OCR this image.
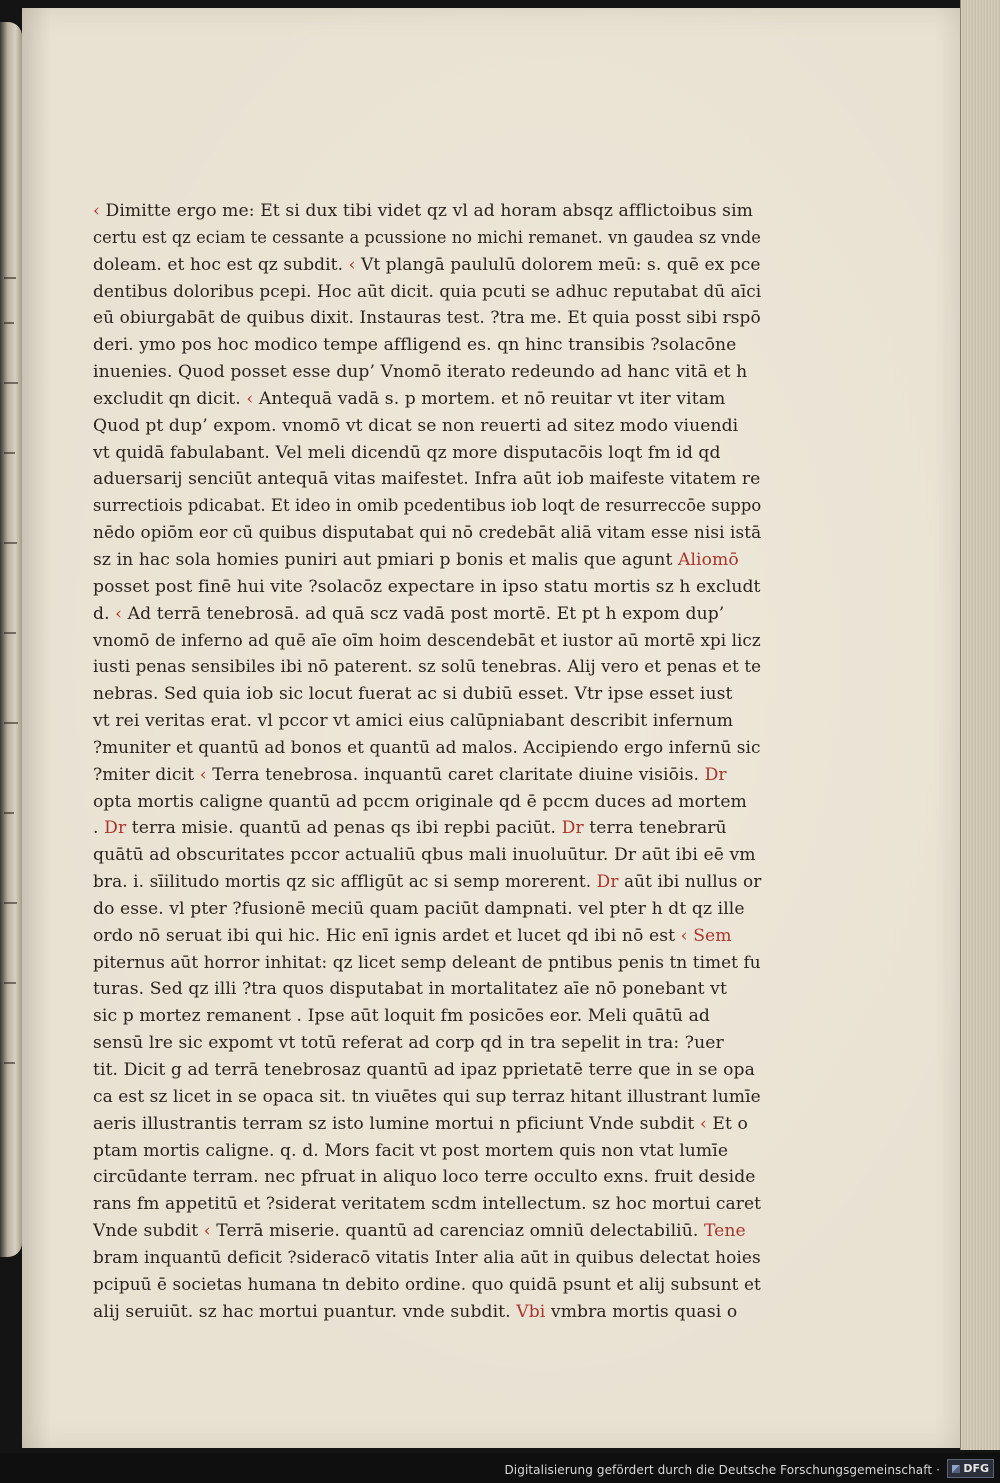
‹ Dimitte ergo me: Et si dux tibi videt qz vl ad horam absqz afflictoibus sim
certu est qz eciam te cessante a pcussione no michi remanet. vn gaudea sz vnde
doleam. et hoc est qz subdit. ‹ Vt plangā paululū dolorem meū: s. quē ex pce
dentibus doloribus pcepi. Hoc aūt dicit. quia pcuti se adhuc reputabat dū aīci
eū obiurgabāt de quibus dixit. Instauras test. ?tra me. Et quia posst sibi rspō
deri. ymo pos hoc modico tempe affligend es. qn hinc transibis ?solacōne
inuenies. Quod posset esse dup’ Vnomō iterato redeundo ad hanc vitā et h
excludit qn dicit. ‹ Antequā vadā s. p mortem. et nō reuitar vt iter vitam
Quod pt dup’ expom. vnomō vt dicat se non reuerti ad sitez modo viuendi
vt quidā fabulabant. Vel meli dicendū qz more disputacōis loqt fm id qd
aduersarij senciūt antequā vitas maifestet. Infra aūt iob maifeste vitatem re
surrectiois pdicabat. Et ideo in omib pcedentibus iob loqt de resurreccōe suppo
nēdo opiōm eor cū quibus disputabat qui nō credebāt aliā vitam esse nisi istā
sz in hac sola homies puniri aut pmiari p bonis et malis que agunt Aliomō
posset post finē hui vite ?solacōz expectare in ipso statu mortis sz h excludt
d. ‹ Ad terrā tenebrosā. ad quā scz vadā post mortē. Et pt h expom dup’
vnomō de inferno ad quē aīe oīm hoim descendebāt et iustor aū mortē xpi licz
iusti penas sensibiles ibi nō paterent. sz solū tenebras. Alij vero et penas et te
nebras. Sed quia iob sic locut fuerat ac si dubiū esset. Vtr ipse esset iust
vt rei veritas erat. vl pccor vt amici eius calūpniabant describit infernum
?muniter et quantū ad bonos et quantū ad malos. Accipiendo ergo infernū sic
?miter dicit ‹ Terra tenebrosa. inquantū caret claritate diuine visiōis. Dr
opta mortis caligne quantū ad pccm originale qd ē pccm duces ad mortem
. Dr terra misie. quantū ad penas qs ibi repbi paciūt. Dr terra tenebrarū
quātū ad obscuritates pccor actualiū qbus mali inuoluūtur. Dr aūt ibi eē vm
bra. i. sīilitudo mortis qz sic affligūt ac si semp morerent. Dr aūt ibi nullus or
do esse. vl pter ?fusionē meciū quam paciūt dampnati. vel pter h dt qz ille
ordo nō seruat ibi qui hic. Hic enī ignis ardet et lucet qd ibi nō est ‹ Sem
piternus aūt horror inhitat: qz licet semp deleant de pntibus penis tn timet fu
turas. Sed qz illi ?tra quos disputabat in mortalitatez aīe nō ponebant vt
sic p mortez remanent . Ipse aūt loquit fm posicōes eor. Meli quātū ad
sensū lre sic expomt vt totū referat ad corp qd in tra sepelit in tra: ?uer
tit. Dicit g ad terrā tenebrosaz quantū ad ipaz pprietatē terre que in se opa
ca est sz licet in se opaca sit. tn viuētes qui sup terraz hitant illustrant lumīe
aeris illustrantis terram sz isto lumine mortui n pficiunt Vnde subdit ‹ Et o
ptam mortis caligne. q. d. Mors facit vt post mortem quis non vtat lumīe
circūdante terram. nec pfruat in aliquo loco terre occulto exns. fruit deside
rans fm appetitū et ?siderat veritatem scdm intellectum. sz hoc mortui caret
Vnde subdit ‹ Terrā miserie. quantū ad carenciaz omniū delectabiliū. Tene
bram inquantū deficit ?sideracō vitatis Inter alia aūt in quibus delectat hoies
pcipuū ē societas humana tn debito ordine. quo quidā psunt et alij subsunt et
alij seruiūt. sz hac mortui puantur. vnde subdit. Vbi vmbra mortis quasi o
Digitalisierung gefördert durch die Deutsche Forschungsgemeinschaft · DFG
